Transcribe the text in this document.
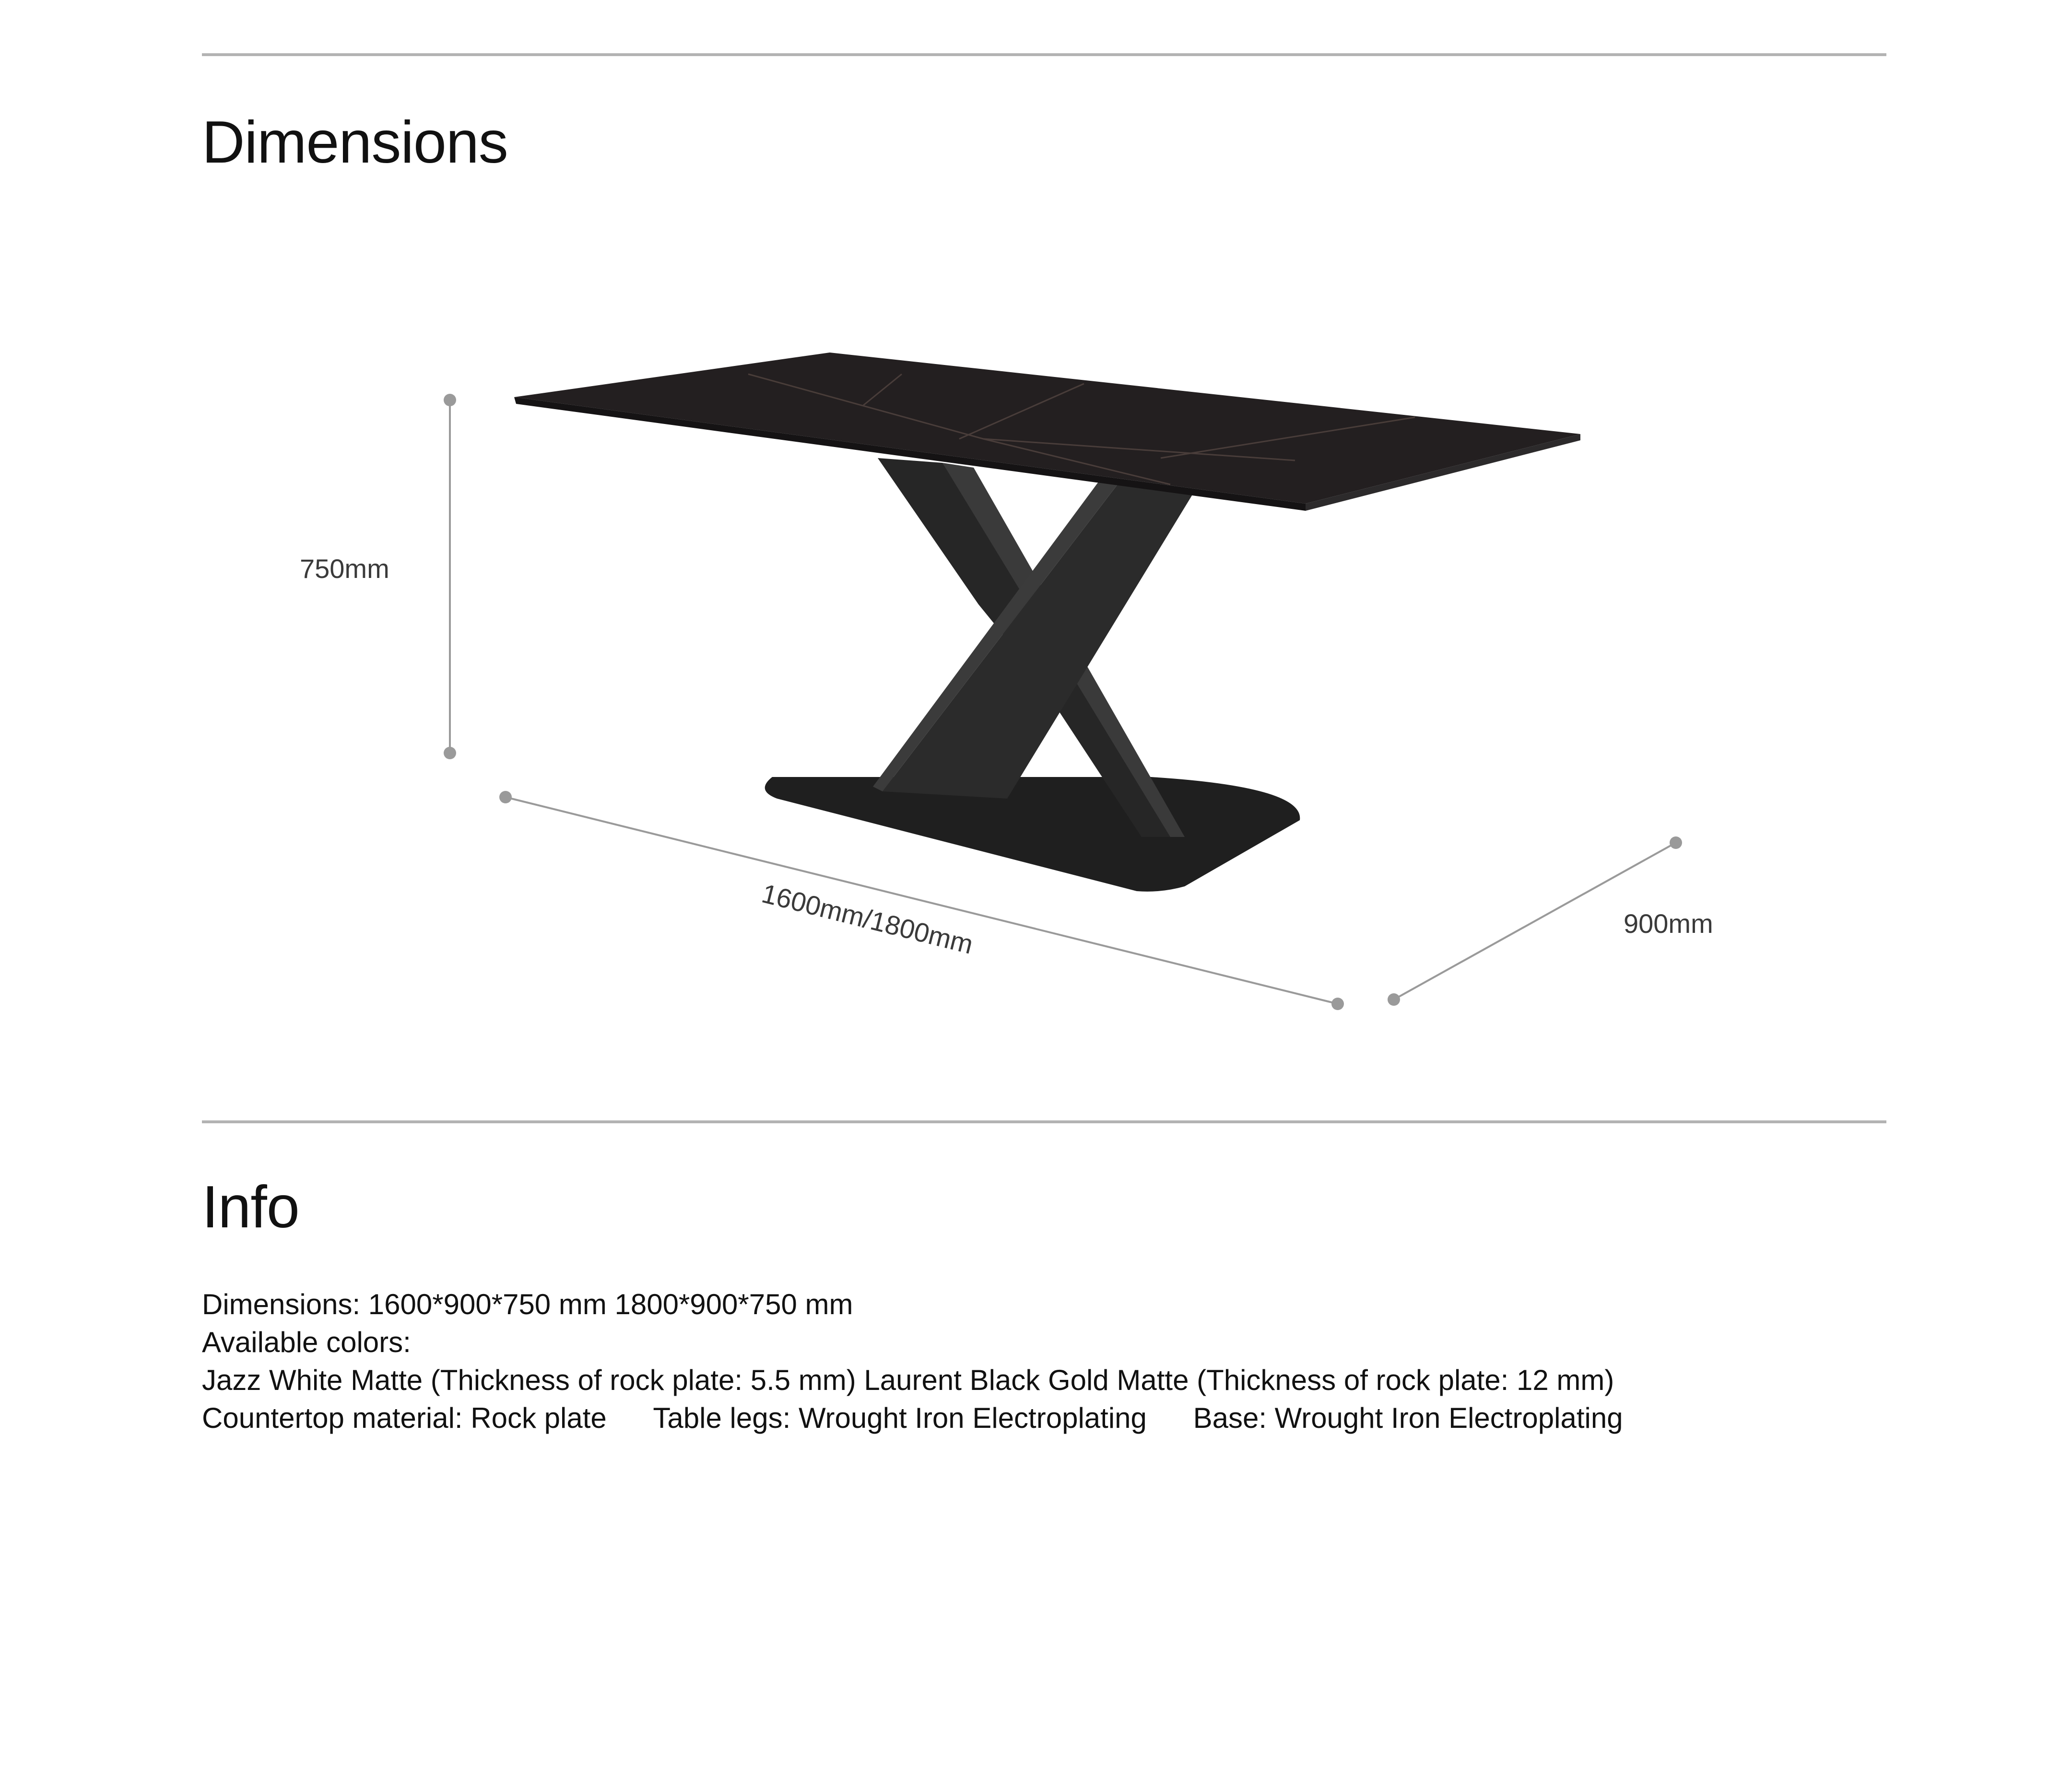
Dimensions
750mm
1600mm/1800mm	900mm
Info
Dimensions: 1600*900*750 mm 1800*900*750 mm
Available colors:
Jazz White Matte (Thickness of rock plate: 5.5 mm) Laurent Black Gold Matte (Thickness of rock plate: 12 mm)
Countertop material: Rock plate Table legs: Wrought Iron Electroplating Base: Wrought Iron Electroplating
